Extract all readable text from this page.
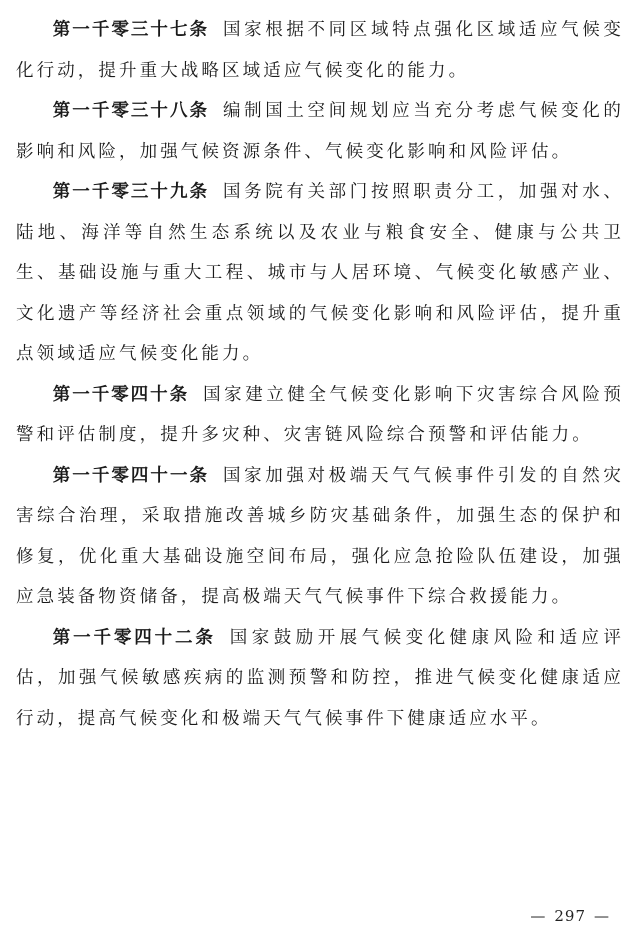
第一千零三十七条 国家根据不同区域特点强化区域适应气候变化行动，提升重大战略区域适应气候变化的能力。

第一千零三十八条 编制国土空间规划应当充分考虑气候变化的影响和风险，加强气候资源条件、气候变化影响和风险评估。

第一千零三十九条 国务院有关部门按照职责分工，加强对水、陆地、海洋等自然生态系统以及农业与粮食安全、健康与公共卫生、基础设施与重大工程、城市与人居环境、气候变化敏感产业、文化遗产等经济社会重点领域的气候变化影响和风险评估，提升重点领域适应气候变化能力。

第一千零四十条 国家建立健全气候变化影响下灾害综合风险预警和评估制度，提升多灾种、灾害链风险综合预警和评估能力。

第一千零四十一条 国家加强对极端天气气候事件引发的自然灾害综合治理，采取措施改善城乡防灾基础条件，加强生态的保护和修复，优化重大基础设施空间布局，强化应急抢险队伍建设，加强应急装备物资储备，提高极端天气气候事件下综合救援能力。

第一千零四十二条 国家鼓励开展气候变化健康风险和适应评估，加强气候敏感疾病的监测预警和防控，推进气候变化健康适应行动，提高气候变化和极端天气气候事件下健康适应水平。

— 297 —
